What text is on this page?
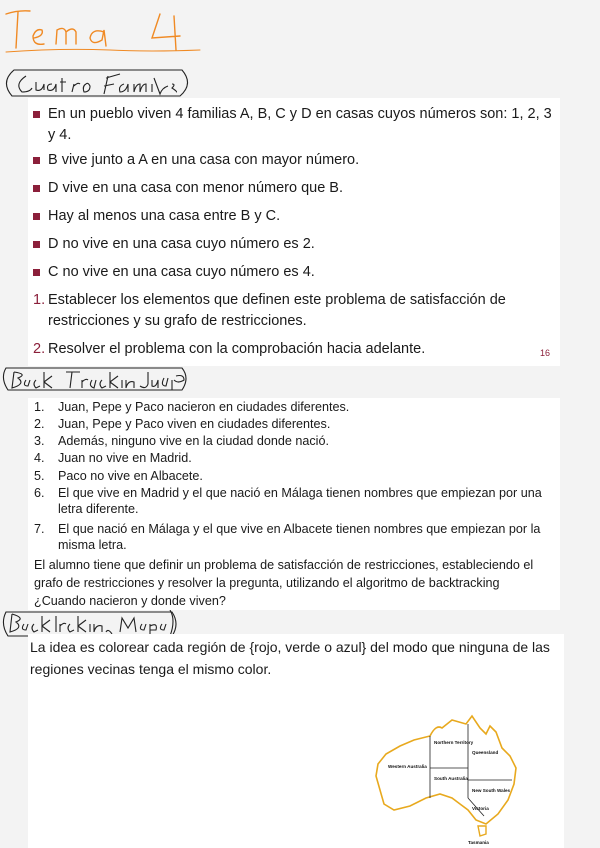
En un pueblo viven 4 familias A, B, C y D en casas cuyos números son: 1, 2, 3 y 4.
B vive junto a A en una casa con mayor número.
D vive en una casa con menor número que B.
Hay al menos una casa entre B y C.
D no vive en una casa cuyo número es 2.
C no vive en una casa cuyo número es 4.
1. Establecer los elementos que definen este problema de satisfacción de restricciones y su grafo de restricciones.
2. Resolver el problema con la comprobación hacia adelante.	16
1.	Juan, Pepe y Paco nacieron en ciudades diferentes.
2.	Juan, Pepe y Paco viven en ciudades diferentes.
3.	Además, ninguno vive en la ciudad donde nació.
4.	Juan no vive en Madrid.
5.	Paco no vive en Albacete.
6.	El que vive en Madrid y el que nació en Málaga tienen nombres que empiezan por una letra diferente.
7.	El que nació en Málaga y el que vive en Albacete tienen nombres que empiezan por la misma letra.
El alumno tiene que definir un problema de satisfacción de restricciones, estableciendo el grafo de restricciones y resolver la pregunta, utilizando el algoritmo de backtracking ¿Cuando nacieron y donde viven?
La idea es colorear cada región de {rojo, verde o azul} del modo que ninguna de las regiones vecinas tenga el mismo color.
Western Australia
Northern Territory
Queensland
South Australia
New South Wales
Victoria
Tasmania
